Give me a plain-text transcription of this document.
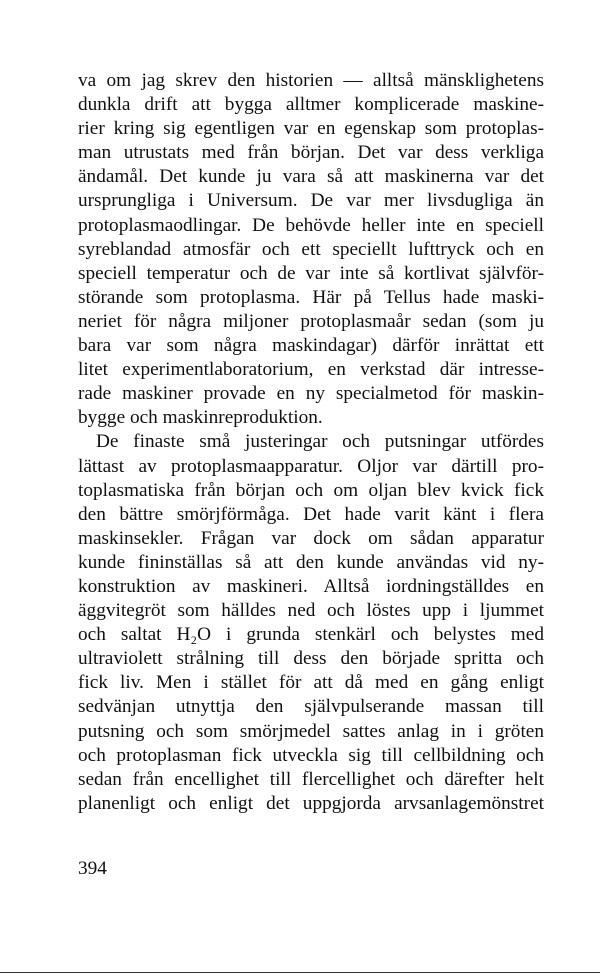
va om jag skrev den historien — alltså mänsklighetens
dunkla drift att bygga alltmer komplicerade maskine-
rier kring sig egentligen var en egenskap som protoplas-
man utrustats med från början. Det var dess verkliga
ändamål. Det kunde ju vara så att maskinerna var det
ursprungliga i Universum. De var mer livsdugliga än
protoplasmaodlingar. De behövde heller inte en speciell
syreblandad atmosfär och ett speciellt lufttryck och en
speciell temperatur och de var inte så kortlivat självför-
störande som protoplasma. Här på Tellus hade maski-
neriet för några miljoner protoplasmaår sedan (som ju
bara var som några maskindagar) därför inrättat ett
litet experimentlaboratorium, en verkstad där intresse-
rade maskiner provade en ny specialmetod för maskin-
bygge och maskinreproduktion.
De finaste små justeringar och putsningar utfördes
lättast av protoplasmaapparatur. Oljor var därtill pro-
toplasmatiska från början och om oljan blev kvick fick
den bättre smörjförmåga. Det hade varit känt i flera
maskinsekler. Frågan var dock om sådan apparatur
kunde fininställas så att den kunde användas vid ny-
konstruktion av maskineri. Alltså iordningställdes en
äggvitegröt som hälldes ned och löstes upp i ljummet
och saltat H₂O i grunda stenkärl och belystes med
ultraviolett strålning till dess den började spritta och
fick liv. Men i stället för att då med en gång enligt
sedvänjan utnyttja den självpulserande massan till
putsning och som smörjmedel sattes anlag in i gröten
och protoplasman fick utveckla sig till cellbildning och
sedan från encellighet till flercellighet och därefter helt
planenligt och enligt det uppgjorda arvsanlagemönstret
394
